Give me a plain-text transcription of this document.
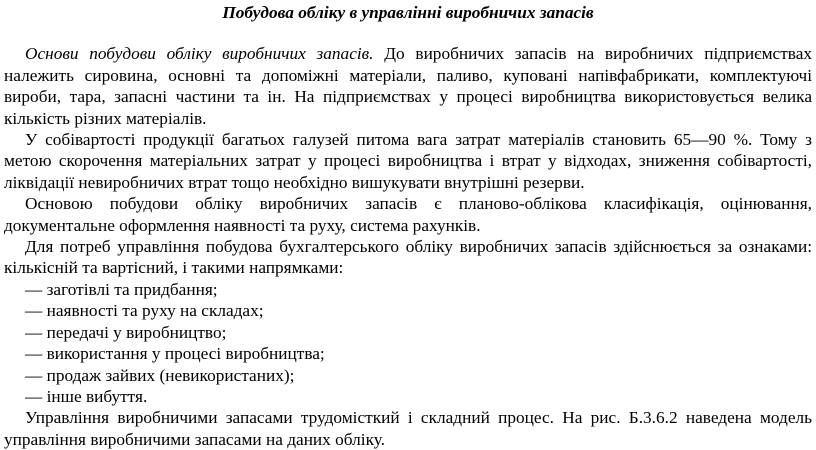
Побудова обліку в управлінні виробничих запасів

Основи побудови обліку виробничих запасів. До виробничих запасів на виробничих підприємствах належить сировина, основні та допоміжні матеріали, паливо, куповані напівфабрикати, комплектуючі вироби, тара, запасні частини та ін. На підприємствах у процесі виробництва використовується велика кількість різних матеріалів.

У собівартості продукції багатьох галузей питома вага затрат матеріалів становить 65—90 %. Тому з метою скорочення матеріальних затрат у процесі виробництва і втрат у відходах, зниження собівартості, ліквідації невиробничих втрат тощо необхідно вишукувати внутрішні резерви.

Основою побудови обліку виробничих запасів є планово-облікова класифікація, оцінювання, документальне оформлення наявності та руху, система рахунків.

Для потреб управління побудова бухгалтерського обліку виробничих запасів здійснюється за ознаками: кількісній та вартісний, і такими напрямками:

— заготівлі та придбання;
— наявності та руху на складах;
— передачі у виробництво;
— використання у процесі виробництва;
— продаж зайвих (невикористаних);
— інше вибуття.

Управління виробничими запасами трудомісткий і складний процес. На рис. Б.3.6.2 наведена модель управління виробничими запасами на даних обліку.
